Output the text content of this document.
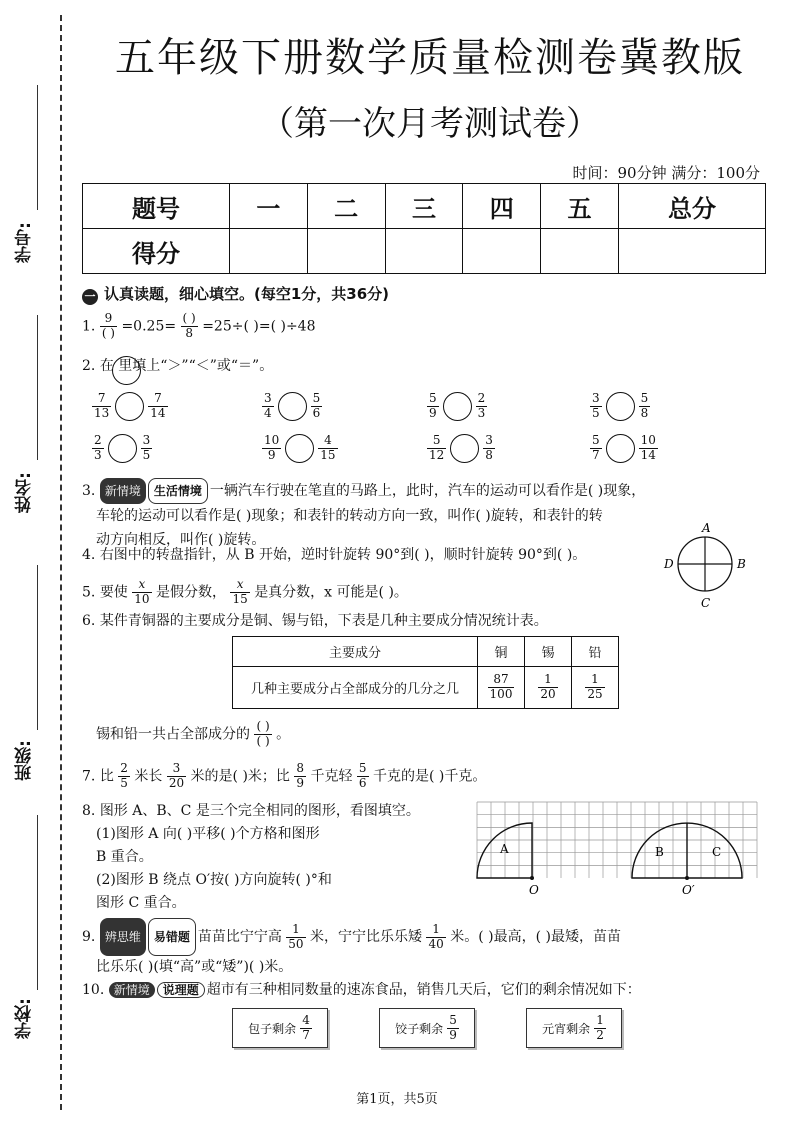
学号:
姓名:
班级:
学校:
五年级下册数学质量检测卷冀教版
（第一次月考测试卷）
时间：90分钟 满分：100分
题号	一	二	三	四	五	总分
得分						
一 认真读题，细心填空。(每空1分，共36分)
1. $\frac{9}{( )} =0.25= \frac{( )}{8} =25\div$( )=( )÷48
2. 在 里填上“＞”“＜”或“＝”。
$\frac{7}{13}$	$\frac{7}{14}$	$\frac{3}{4}$	$\frac{5}{6}$	$\frac{5}{9}$	$\frac{2}{3}$	$\frac{3}{5}$	$\frac{5}{8}$
$\frac{2}{3}$	$\frac{3}{5}$	$\frac{10}{9}$	$\frac{4}{15}$	$\frac{5}{12}$	$\frac{3}{8}$	$\frac{5}{7}$	$\frac{10}{14}$
3. 新情境 生活情境 一辆汽车行驶在笔直的马路上，此时，汽车的运动可以看作是( )现象，
车轮的运动可以看作是( )现象；和表针的转动方向一致，叫作( )旋转，和表针的转
动方向相反，叫作( )旋转。
4. 右图中的转盘指针，从 B 开始，逆时针旋转 90°到( )，顺时针旋转 90°到( )。
A
B
C
D
5. 要使 $\frac{x}{10}$ 是假分数， $\frac{x}{15}$ 是真分数，x 可能是( )。
6. 某件青铜器的主要成分是铜、锡与铅，下表是几种主要成分情况统计表。
主要成分	铜	锡	铅
几种主要成分占全部成分的几分之几	$\frac{87}{100}$	$\frac{1}{20}$	$\frac{1}{25}$
锡和铅一共占全部成分的 $\frac{( )}{( )}$ 。
7. 比 $\frac{2}{5}$ 米长 $\frac{3}{20}$ 米的是( )米；比 $\frac{8}{9}$ 千克轻 $\frac{5}{6}$ 千克的是( )千克。
8. 图形 A、B、C 是三个完全相同的图形，看图填空。
(1)图形 A 向( )平移( )个方格和图形
B 重合。
(2)图形 B 绕点 O′按( )方向旋转( )°和
图形 C 重合。
A	B	C
O	O′
9. 辨思维 易错题 苗苗比宁宁高 $\frac{1}{50}$ 米，宁宁比乐乐矮 $\frac{1}{40}$ 米。( )最高，( )最矮，苗苗
比乐乐( )(填“高”或“矮”)( )米。
10. 新情境 说理题 超市有三种相同数量的速冻食品，销售几天后，它们的剩余情况如下：
包子剩余 $\frac{4}{7}$	饺子剩余 $\frac{5}{9}$	元宵剩余 $\frac{1}{2}$
第1页，共5页
